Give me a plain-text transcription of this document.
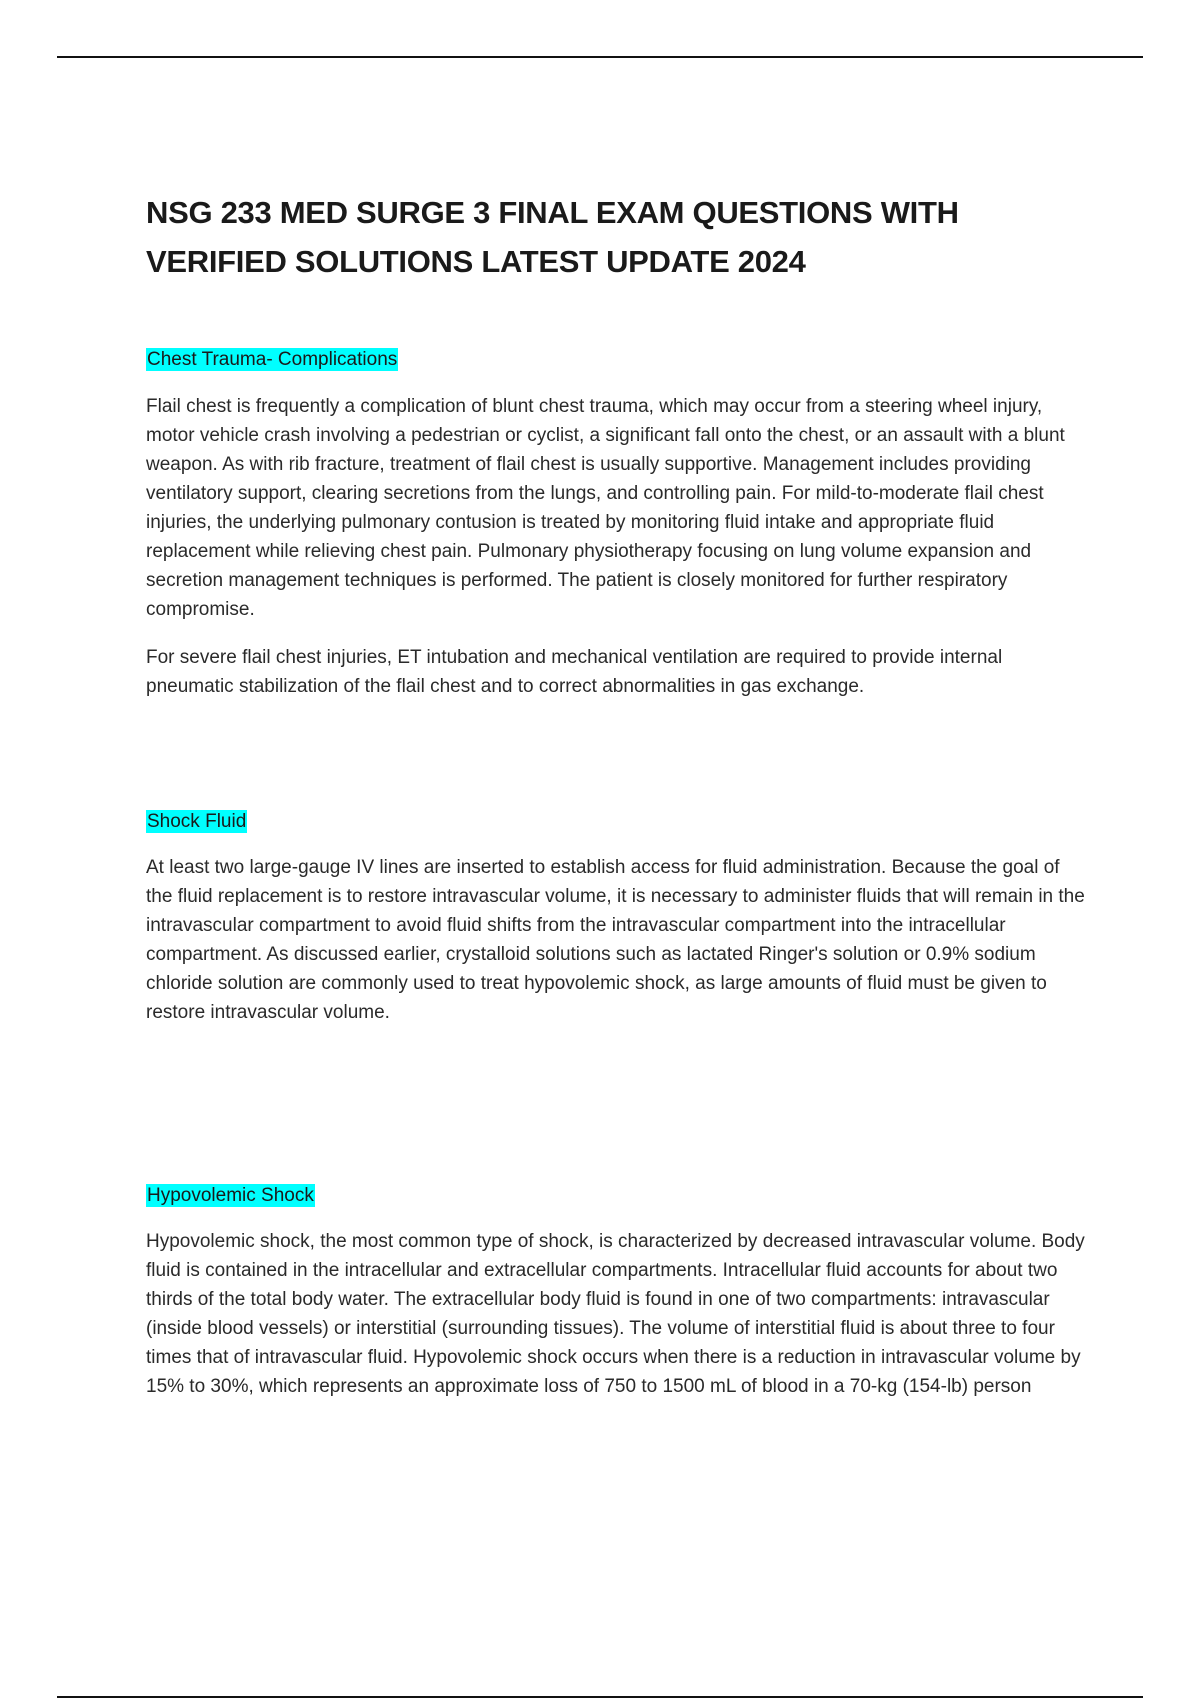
NSG 233 MED SURGE 3 FINAL EXAM QUESTIONS WITH VERIFIED SOLUTIONS LATEST UPDATE 2024
Chest Trauma- Complications

Flail chest is frequently a complication of blunt chest trauma, which may occur from a steering wheel injury, motor vehicle crash involving a pedestrian or cyclist, a significant fall onto the chest, or an assault with a blunt weapon. As with rib fracture, treatment of flail chest is usually supportive. Management includes providing ventilatory support, clearing secretions from the lungs, and controlling pain. For mild-to-moderate flail chest injuries, the underlying pulmonary contusion is treated by monitoring fluid intake and appropriate fluid replacement while relieving chest pain. Pulmonary physiotherapy focusing on lung volume expansion and secretion management techniques is performed. The patient is closely monitored for further respiratory compromise.

For severe flail chest injuries, ET intubation and mechanical ventilation are required to provide internal pneumatic stabilization of the flail chest and to correct abnormalities in gas exchange.

Shock Fluid

At least two large-gauge IV lines are inserted to establish access for fluid administration. Because the goal of the fluid replacement is to restore intravascular volume, it is necessary to administer fluids that will remain in the intravascular compartment to avoid fluid shifts from the intravascular compartment into the intracellular compartment. As discussed earlier, crystalloid solutions such as lactated Ringer's solution or 0.9% sodium chloride solution are commonly used to treat hypovolemic shock, as large amounts of fluid must be given to restore intravascular volume.

Hypovolemic Shock

Hypovolemic shock, the most common type of shock, is characterized by decreased intravascular volume. Body fluid is contained in the intracellular and extracellular compartments. Intracellular fluid accounts for about two thirds of the total body water. The extracellular body fluid is found in one of two compartments: intravascular (inside blood vessels) or interstitial (surrounding tissues). The volume of interstitial fluid is about three to four times that of intravascular fluid. Hypovolemic shock occurs when there is a reduction in intravascular volume by 15% to 30%, which represents an approximate loss of 750 to 1500 mL of blood in a 70-kg (154-lb) person
